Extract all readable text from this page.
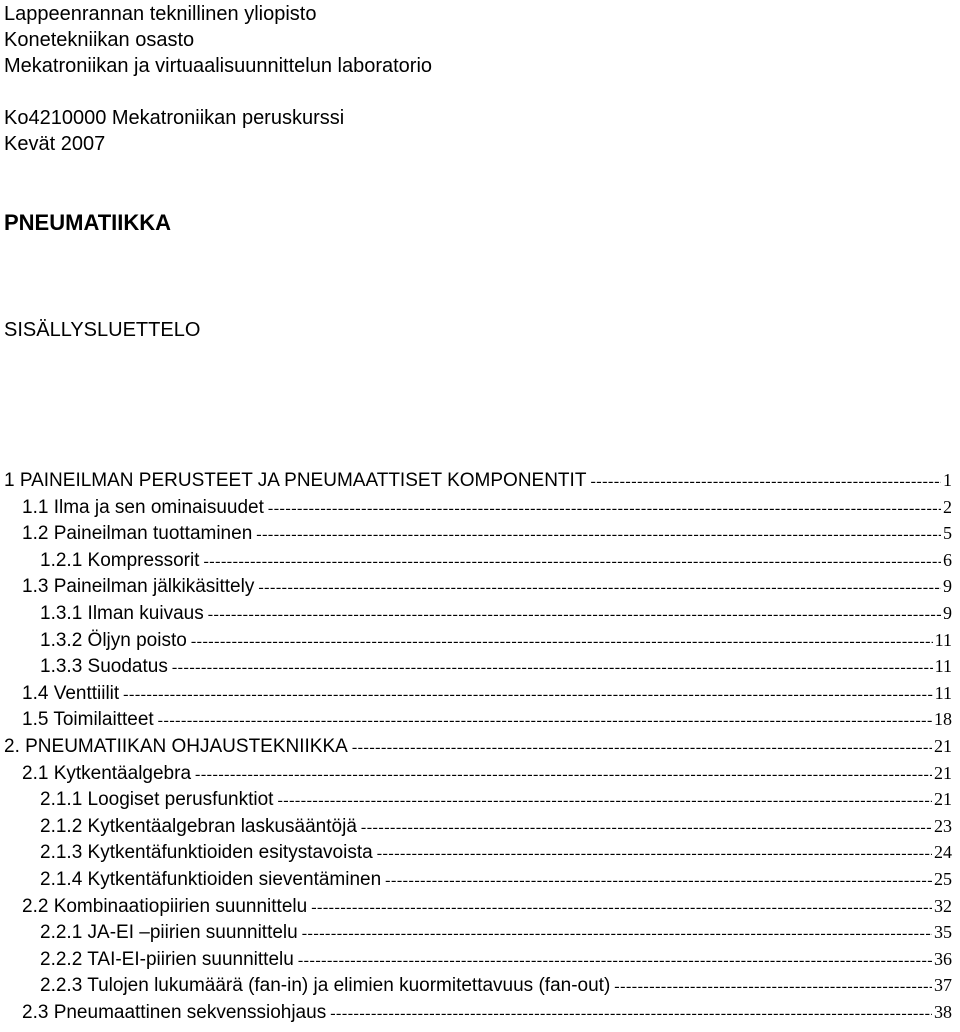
Lappeenrannan teknillinen yliopisto
Konetekniikan osasto
Mekatroniikan ja virtuaalisuunnittelun laboratorio
Ko4210000 Mekatroniikan peruskurssi
Kevät 2007
PNEUMATIIKKA
SISÄLLYSLUETTELO
1 PAINEILMAN PERUSTEET JA PNEUMAATTISET KOMPONENTIT -----	1
1.1 Ilma ja sen ominaisuudet -----	2
1.2 Paineilman tuottaminen -----	5
1.2.1 Kompressorit -----	6
1.3 Paineilman jälkikäsittely -----	9
1.3.1 Ilman kuivaus -----	9
1.3.2 Öljyn poisto -----	11
1.3.3 Suodatus -----	11
1.4 Venttiilit -----	11
1.5 Toimilaitteet -----	18
2. PNEUMATIIKAN OHJAUSTEKNIIKKA -----	21
2.1 Kytkentäalgebra -----	21
2.1.1 Loogiset perusfunktiot -----	21
2.1.2 Kytkentäalgebran laskusääntöjä -----	23
2.1.3 Kytkentäfunktioiden esitystavoista -----	24
2.1.4 Kytkentäfunktioiden sieventäminen -----	25
2.2 Kombinaatiopiirien suunnittelu -----	32
2.2.1 JA-EI –piirien suunnittelu -----	35
2.2.2 TAI-EI-piirien suunnittelu -----	36
2.2.3 Tulojen lukumäärä (fan-in) ja elimien kuormitettavuus (fan-out) -----	37
2.3 Pneumaattinen sekvenssiohjaus -----	38
